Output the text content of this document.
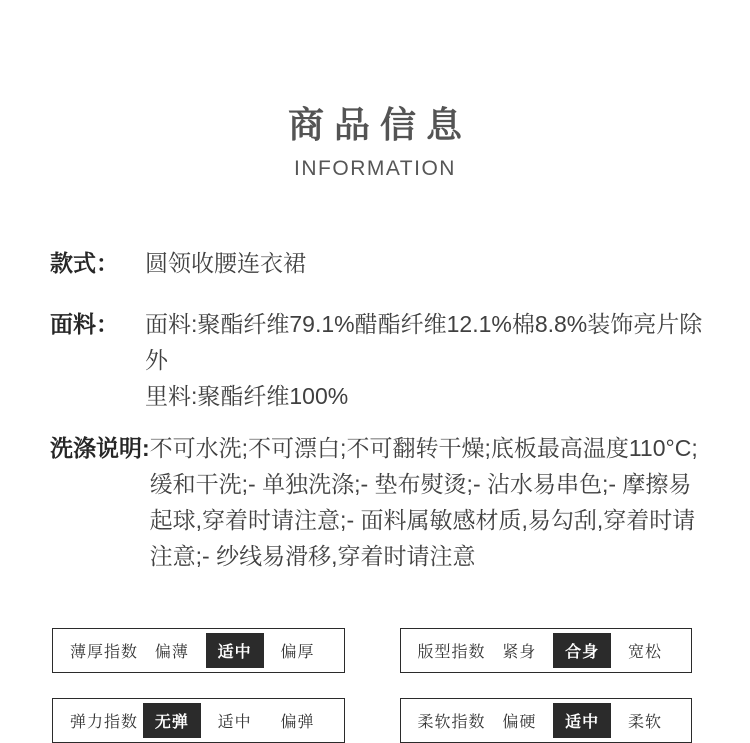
商品信息
INFORMATION
款式：	圆领收腰连衣裙
面料：	面料:聚酯纤维79.1%醋酯纤维12.1%棉8.8%装饰亮片除外
里料:聚酯纤维100%
洗涤说明: 不可水洗;不可漂白;不可翻转干燥;底板最高温度110°C;缓和干洗;- 单独洗涤;- 垫布熨烫;- 沾水易串色;- 摩擦易起球,穿着时请注意;- 面料属敏感材质,易勾刮,穿着时请注意;- 纱线易滑移,穿着时请注意
薄厚指数	偏薄	适中	偏厚	版型指数	紧身	合身	宽松
弹力指数	无弹	适中	偏弹	柔软指数	偏硬	适中	柔软
